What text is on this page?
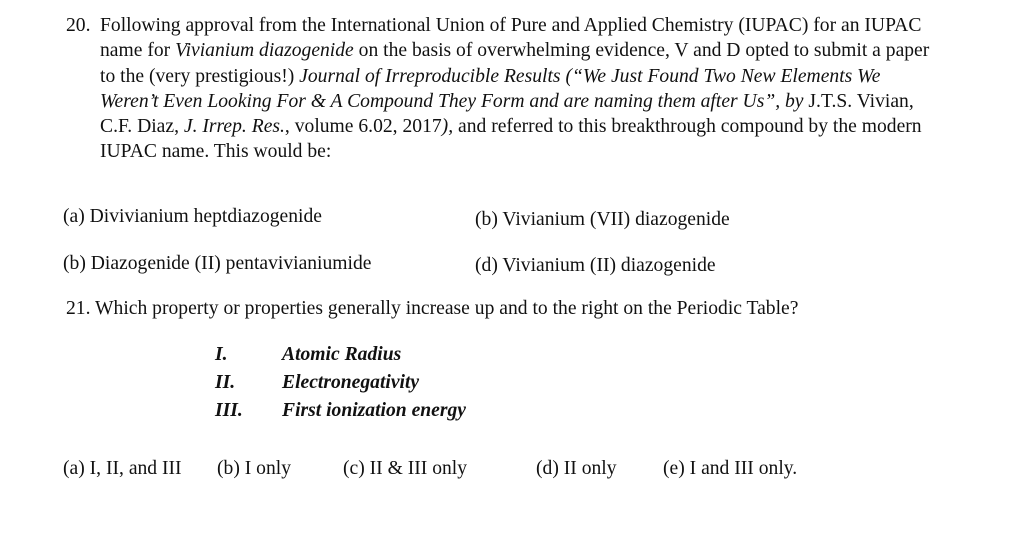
20. Following approval from the International Union of Pure and Applied Chemistry (IUPAC) for an IUPAC
name for Vivianium diazogenide on the basis of overwhelming evidence, V and D opted to submit a paper
to the (very prestigious!) Journal of Irreproducible Results (“We Just Found Two New Elements We
Weren’t Even Looking For & A Compound They Form and are naming them after Us”, by J.T.S. Vivian,
C.F. Diaz, J. Irrep. Res., volume 6.02, 2017), and referred to this breakthrough compound by the modern
IUPAC name. This would be:
(a) Divivianium heptdiazogenide	(b) Vivianium (VII) diazogenide
(b) Diazogenide (II) pentavivianiumide	(d) Vivianium (II) diazogenide
21. Which property or properties generally increase up and to the right on the Periodic Table?
I.	Atomic Radius
II. Electronegativity
III. First ionization energy
(a) I, II, and III (b) I only	(c) II & III only	(d) II only (e) I and III only.
